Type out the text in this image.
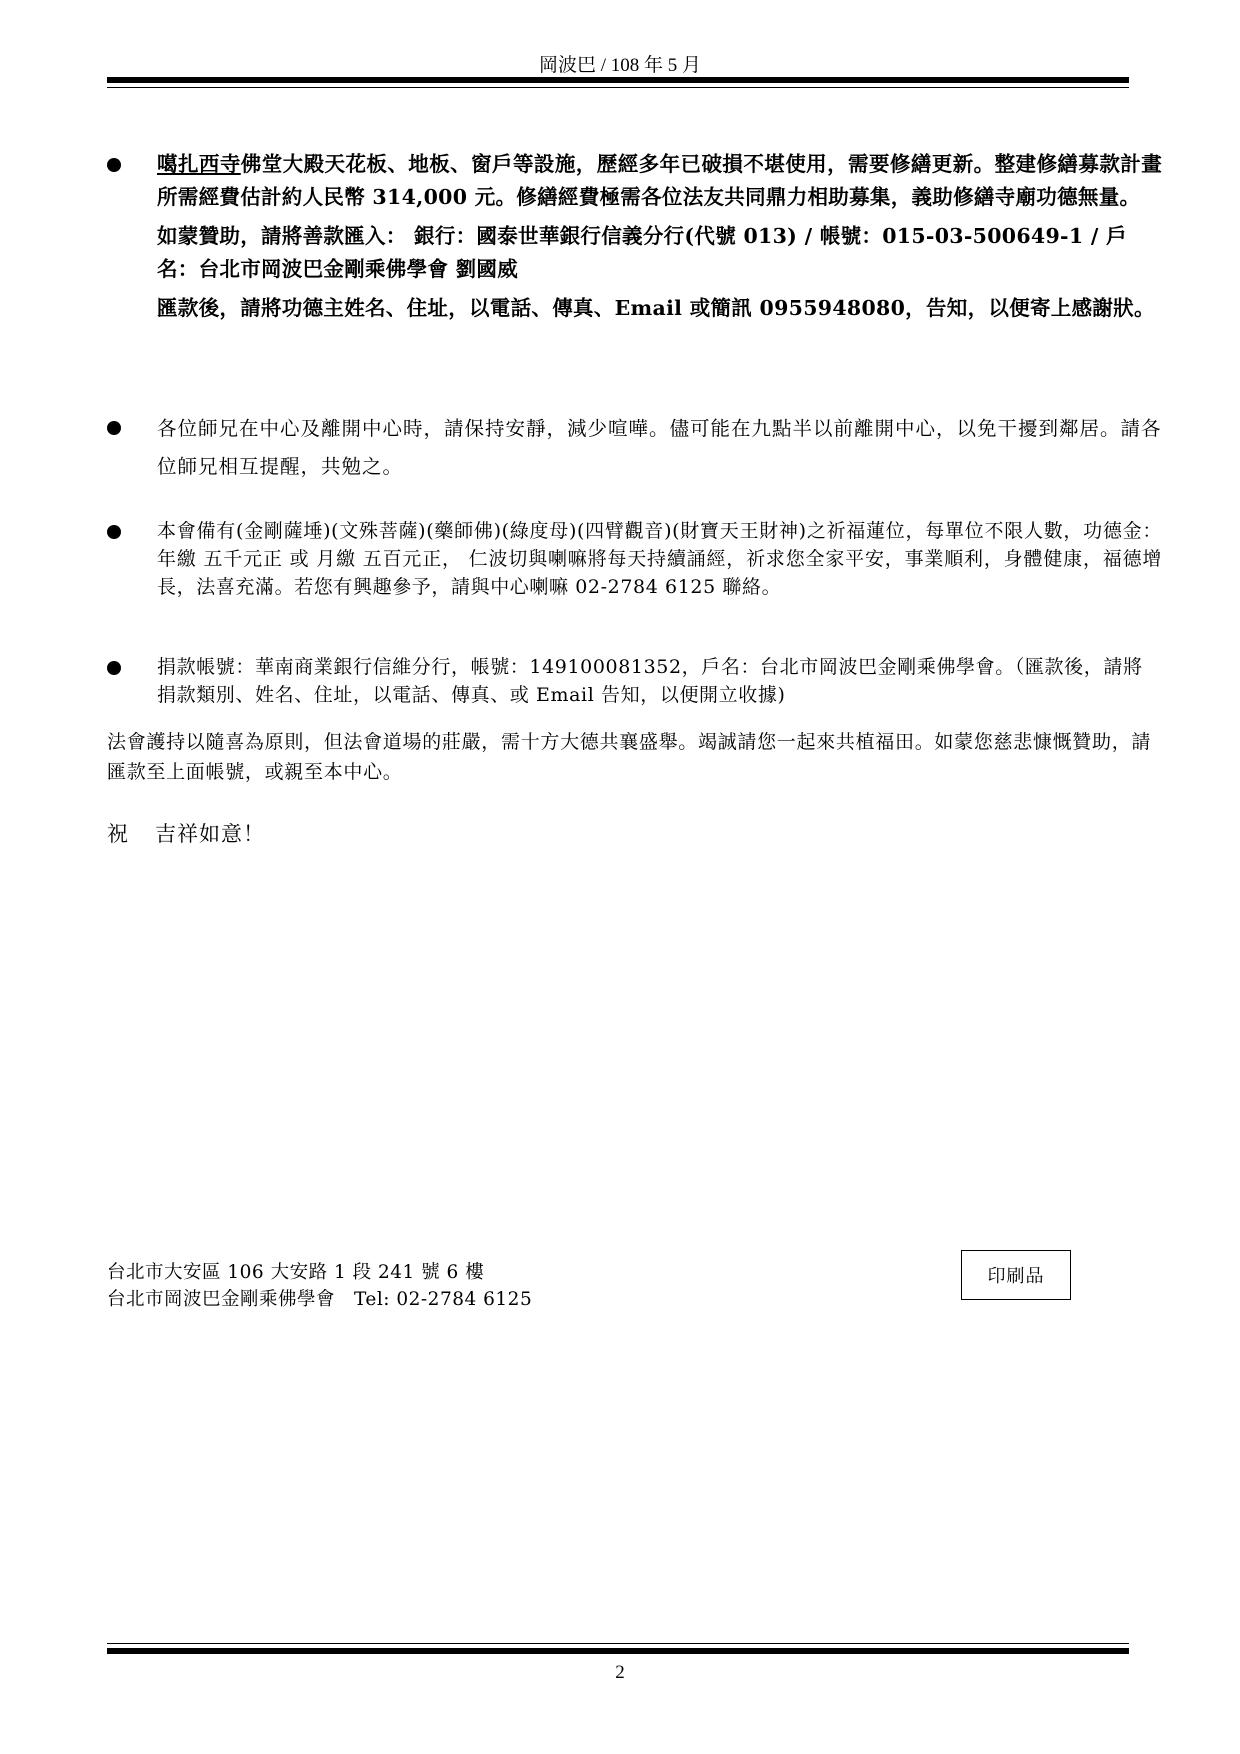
岡波巴 / 108 年 5 月

噶扎西寺佛堂大殿天花板、地板、窗戶等設施，歷經多年已破損不堪使用，需要修繕更新。整建修繕募款計畫所需經費估計約人民幣 314,000 元。修繕經費極需各位法友共同鼎力相助募集，義助修繕寺廟功德無量。

如蒙贊助，請將善款匯入： 銀行：國泰世華銀行信義分行(代號 013) / 帳號：015-03-500649-1 / 戶名：台北市岡波巴金剛乘佛學會 劉國威

匯款後，請將功德主姓名、住址，以電話、傳真、Email 或簡訊 0955948080，告知，以便寄上感謝狀。

各位師兄在中心及離開中心時，請保持安靜，減少喧嘩。儘可能在九點半以前離開中心，以免干擾到鄰居。請各位師兄相互提醒，共勉之。
本會備有(金剛薩埵)(文殊菩薩)(藥師佛)(綠度母)(四臂觀音)(財寶天王財神)之祈福蓮位，每單位不限人數，功德金：年繳 五千元正 或 月繳 五百元正， 仁波切與喇嘛將每天持續誦經，祈求您全家平安，事業順利，身體健康，福德增長，法喜充滿。若您有興趣參予，請與中心喇嘛 02-2784 6125 聯絡。
捐款帳號：華南商業銀行信維分行，帳號：149100081352，戶名：台北市岡波巴金剛乘佛學會。（匯款後，請將捐款類別、姓名、住址，以電話、傳真、或 Email 告知，以便開立收據)

法會護持以隨喜為原則，但法會道場的莊嚴，需十方大德共襄盛舉。竭誠請您一起來共植福田。如蒙您慈悲慷慨贊助，請匯款至上面帳號，或親至本中心。

祝 吉祥如意！
台北市大安區 106 大安路 1 段 241 號 6 樓
台北市岡波巴金剛乘佛學會　Tel: 02-2784 6125
印刷品
2
